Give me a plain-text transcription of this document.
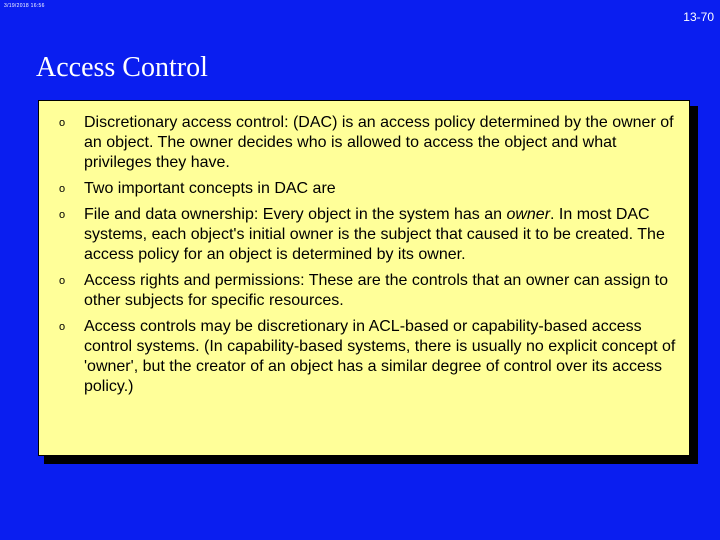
3/19/2018 16:56
13-70
Access Control
o Discretionary access control: (DAC) is an access policy determined by the owner of an object. The owner decides who is allowed to access the object and what privileges they have.
o Two important concepts in DAC are
o File and data ownership: Every object in the system has an owner. In most DAC systems, each object's initial owner is the subject that caused it to be created. The access policy for an object is determined by its owner.
o Access rights and permissions: These are the controls that an owner can assign to other subjects for specific resources.
o Access controls may be discretionary in ACL-based or capability-based access control systems. (In capability-based systems, there is usually no explicit concept of 'owner', but the creator of an object has a similar degree of control over its access policy.)
